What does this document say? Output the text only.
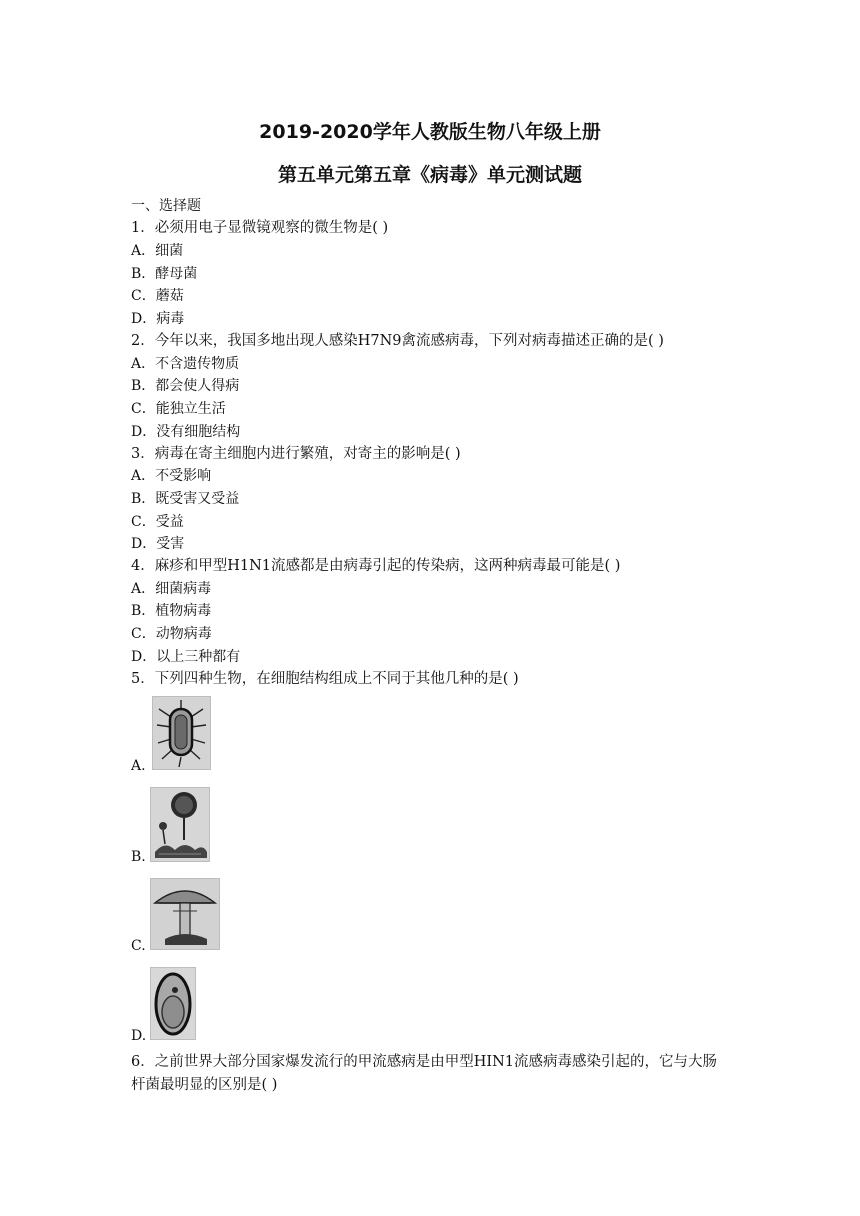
2019-2020学年人教版生物八年级上册
第五单元第五章《病毒》单元测试题
一、选择题
1．必须用电子显微镜观察的微生物是( )
A．细菌
B．酵母菌
C．蘑菇
D．病毒
2．今年以来，我国多地出现人感染H7N9禽流感病毒，下列对病毒描述正确的是( )
A．不含遗传物质
B．都会使人得病
C．能独立生活
D．没有细胞结构
3．病毒在寄主细胞内进行繁殖，对寄主的影响是( )
A．不受影响
B．既受害又受益
C．受益
D．受害
4．麻疹和甲型H1N1流感都是由病毒引起的传染病，这两种病毒最可能是( )
A．细菌病毒
B．植物病毒
C．动物病毒
D．以上三种都有
5．下列四种生物，在细胞结构组成上不同于其他几种的是( )
A.
B.
C.
D.
6．之前世界大部分国家爆发流行的甲流感病是由甲型HIN1流感病毒感染引起的，它与大肠
杆菌最明显的区别是( )
